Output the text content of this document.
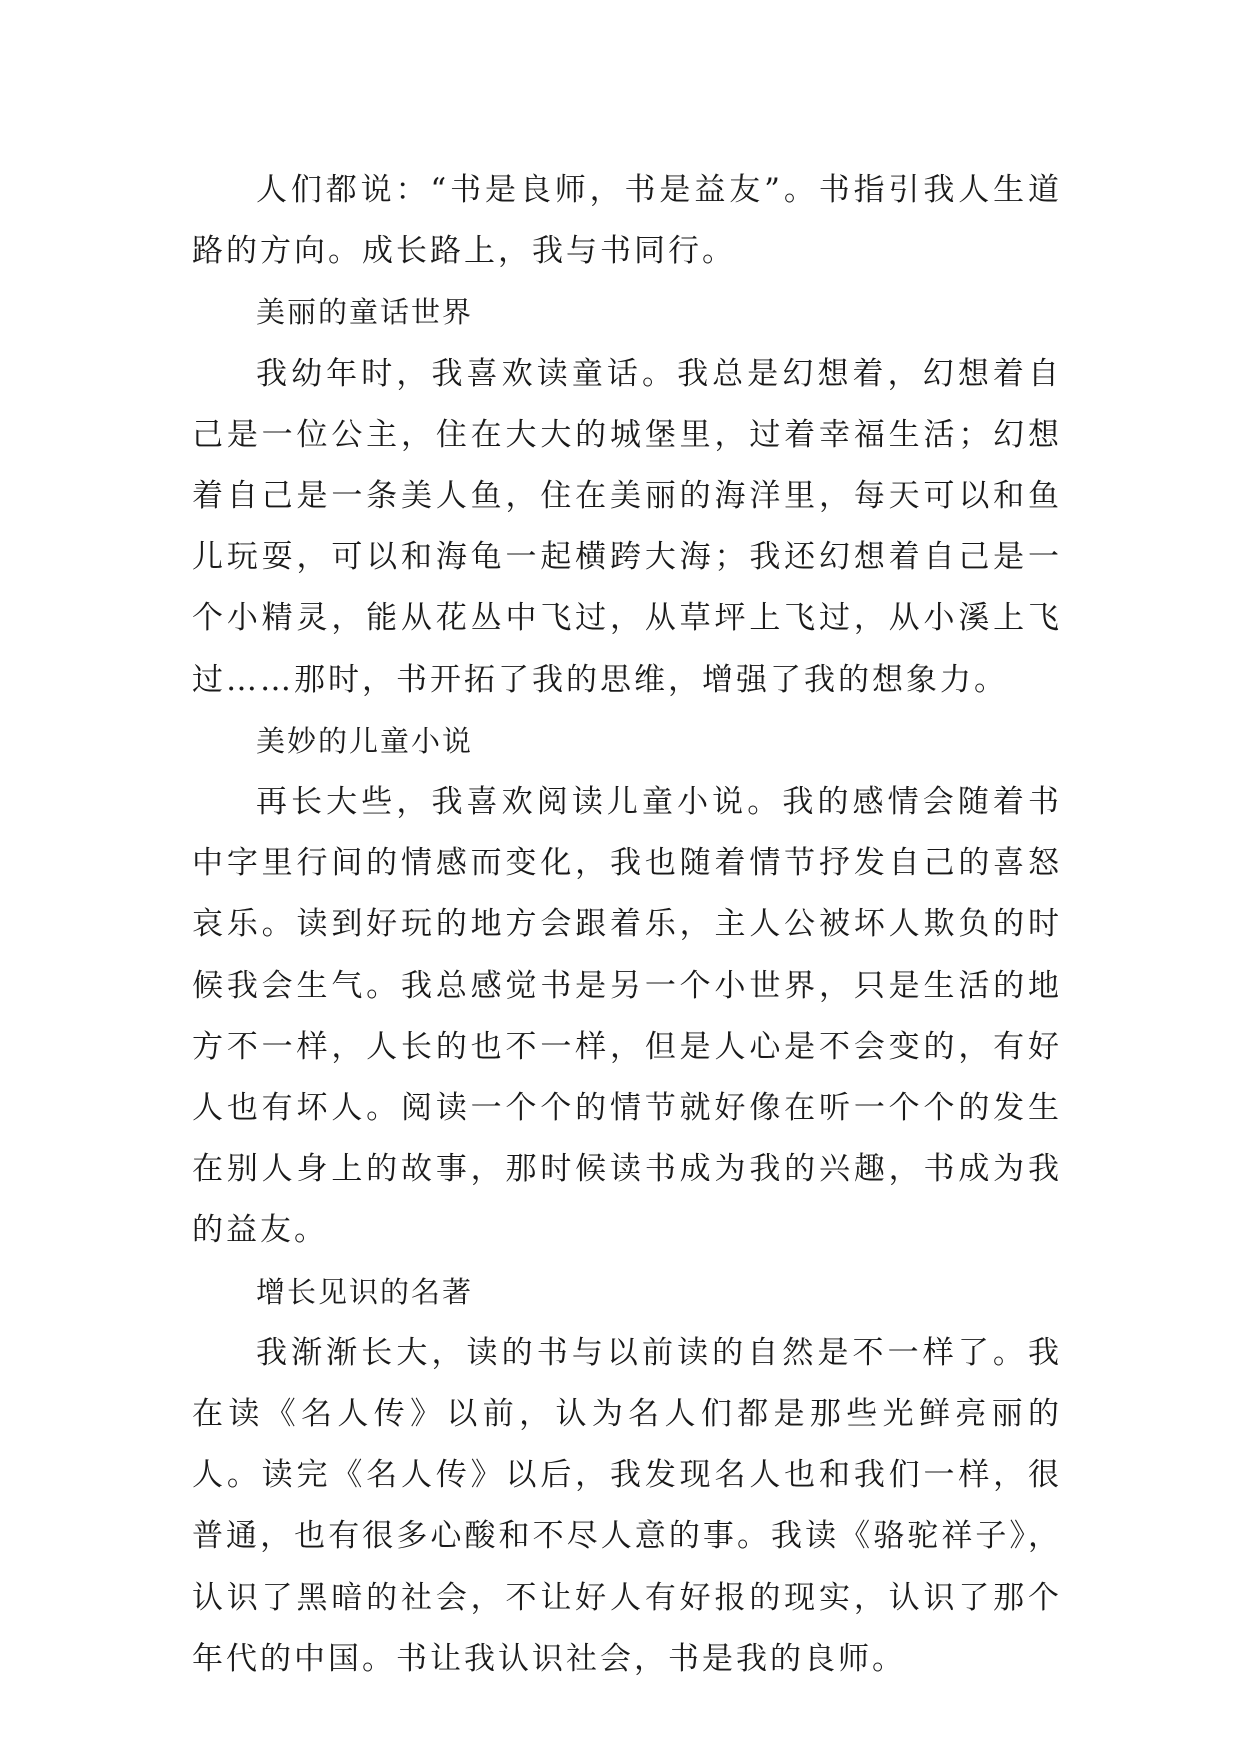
人们都说：“书是良师，书是益友”。书指引我人生道路的方向。成长路上，我与书同行。

美丽的童话世界

我幼年时，我喜欢读童话。我总是幻想着，幻想着自己是一位公主，住在大大的城堡里，过着幸福生活；幻想着自己是一条美人鱼，住在美丽的海洋里，每天可以和鱼儿玩耍，可以和海龟一起横跨大海；我还幻想着自己是一个小精灵，能从花丛中飞过，从草坪上飞过，从小溪上飞过……那时，书开拓了我的思维，增强了我的想象力。

美妙的儿童小说

再长大些，我喜欢阅读儿童小说。我的感情会随着书中字里行间的情感而变化，我也随着情节抒发自己的喜怒哀乐。读到好玩的地方会跟着乐，主人公被坏人欺负的时候我会生气。我总感觉书是另一个小世界，只是生活的地方不一样，人长的也不一样，但是人心是不会变的，有好人也有坏人。阅读一个个的情节就好像在听一个个的发生在别人身上的故事，那时候读书成为我的兴趣，书成为我的益友。

增长见识的名著

我渐渐长大，读的书与以前读的自然是不一样了。我在读《名人传》以前，认为名人们都是那些光鲜亮丽的人。读完《名人传》以后，我发现名人也和我们一样，很普通，也有很多心酸和不尽人意的事。我读《骆驼祥子》，认识了黑暗的社会，不让好人有好报的现实，认识了那个年代的中国。书让我认识社会，书是我的良师。
